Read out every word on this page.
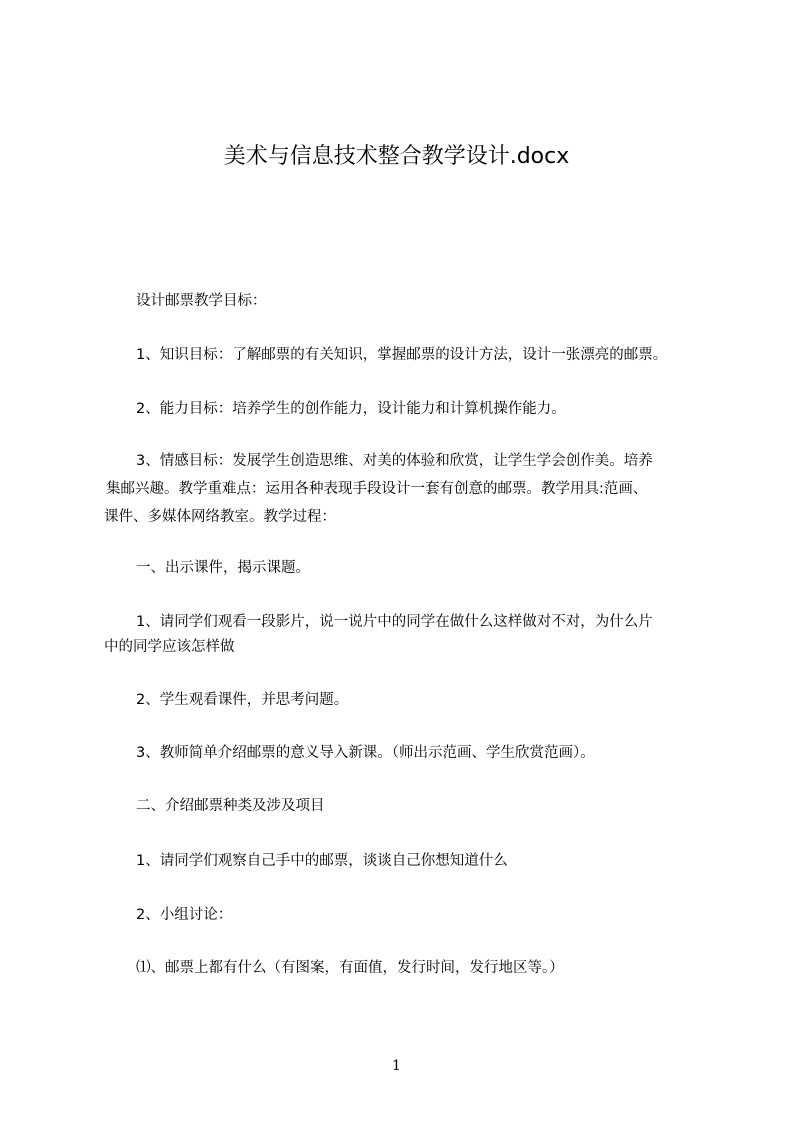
美术与信息技术整合教学设计.docx
设计邮票教学目标：
1、知识目标：了解邮票的有关知识，掌握邮票的设计方法，设计一张漂亮的邮票。
2、能力目标：培养学生的创作能力，设计能力和计算机操作能力。
3、情感目标：发展学生创造思维、对美的体验和欣赏，让学生学会创作美。培养
集邮兴趣。教学重难点：运用各种表现手段设计一套有创意的邮票。教学用具:范画、
课件、多媒体网络教室。教学过程：
一、出示课件，揭示课题。
1、请同学们观看一段影片，说一说片中的同学在做什么这样做对不对，为什么片
中的同学应该怎样做
2、学生观看课件，并思考问题。
3、教师简单介绍邮票的意义导入新课。（师出示范画、学生欣赏范画）。
二、介绍邮票种类及涉及项目
1、请同学们观察自己手中的邮票，谈谈自己你想知道什么
2、小组讨论：
⑴、邮票上都有什么（有图案，有面值，发行时间，发行地区等。）
1
